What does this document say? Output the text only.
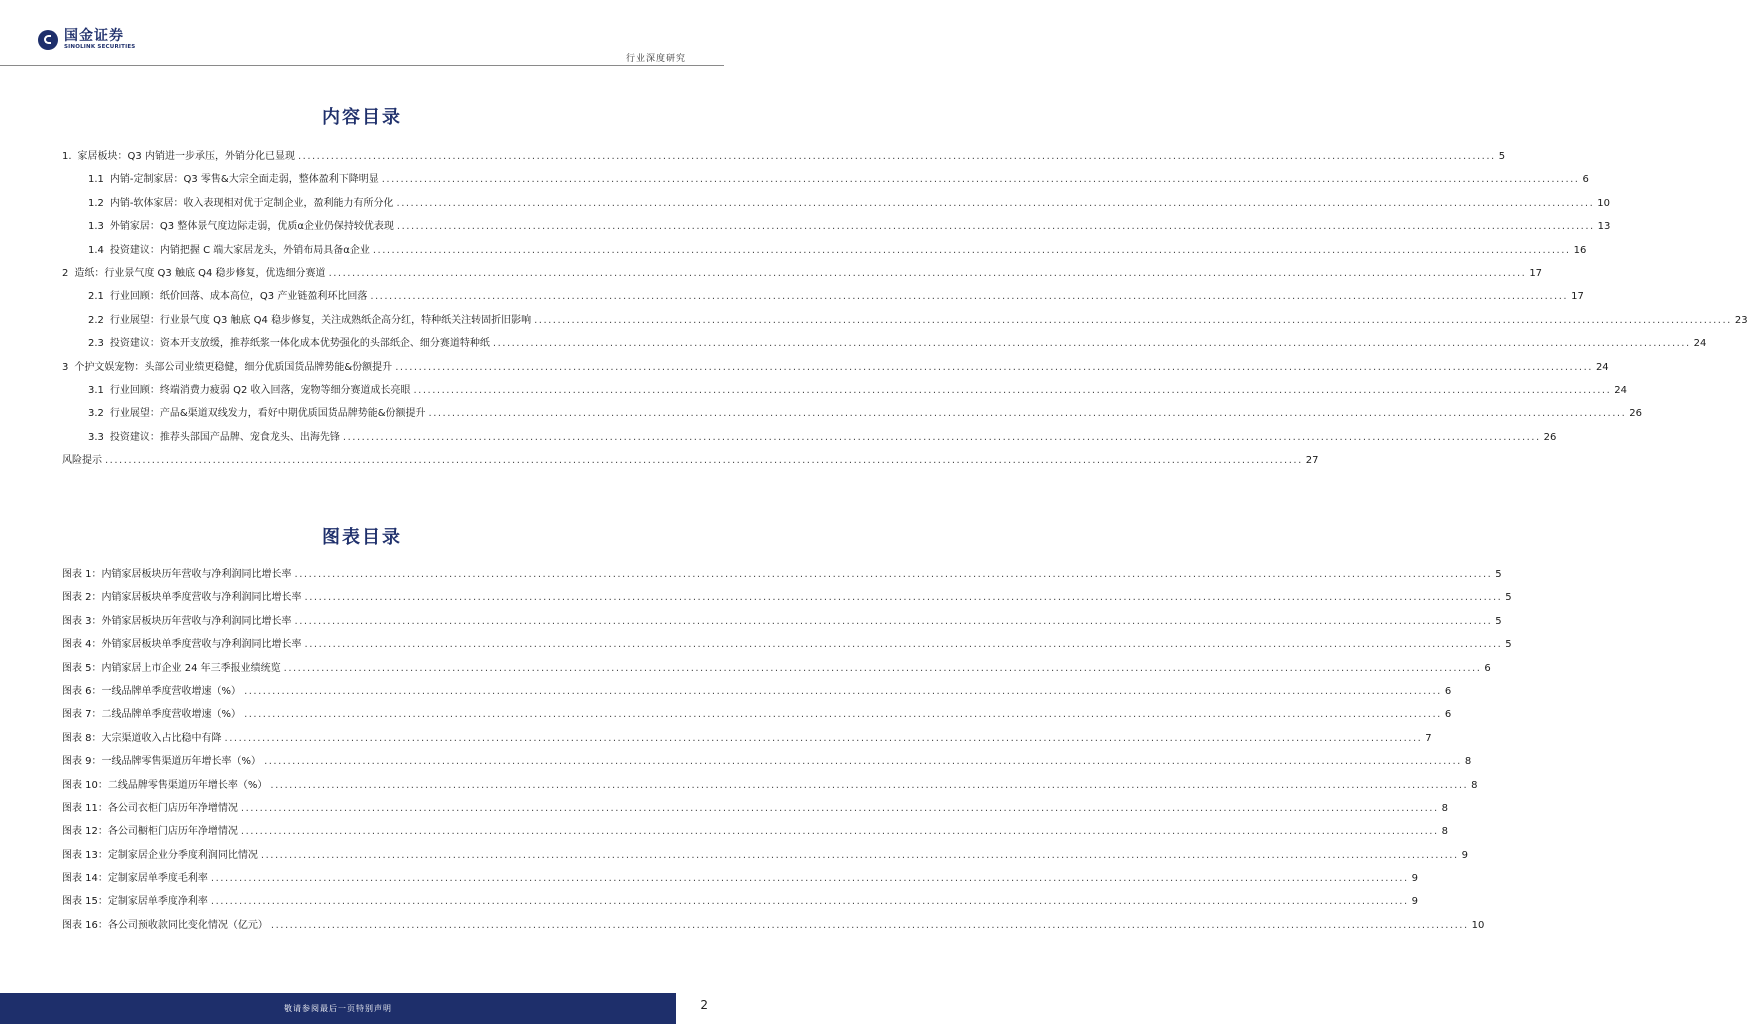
国金证券
SINOLINK SECURITIES
行业深度研究
内容目录
1. 家居板块：Q3 内销进一步承压，外销分化已显现 .....	5
1.1 内销-定制家居：Q3 零售&大宗全面走弱，整体盈利下降明显 .....	6
1.2 内销-软体家居：收入表现相对优于定制企业，盈利能力有所分化 .....	10
1.3 外销家居：Q3 整体景气度边际走弱，优质α企业仍保持较优表现 .....	13
1.4 投资建议：内销把握 C 端大家居龙头，外销布局具备α企业 .....	16
2 造纸：行业景气度 Q3 触底 Q4 稳步修复，优选细分赛道 .....	17
2.1 行业回顾：纸价回落、成本高位，Q3 产业链盈利环比回落 .....	17
2.2 行业展望：行业景气度 Q3 触底 Q4 稳步修复，关注成熟纸企高分红，特种纸关注转固折旧影响 .....	23
2.3 投资建议：资本开支放缓，推荐纸浆一体化成本优势强化的头部纸企、细分赛道特种纸 .....	24
3 个护文娱宠物：头部公司业绩更稳健，细分优质国货品牌势能&份额提升 .....	24
3.1 行业回顾：终端消费力疲弱 Q2 收入回落，宠物等细分赛道成长亮眼 .....	24
3.2 行业展望：产品&渠道双线发力，看好中期优质国货品牌势能&份额提升 .....	26
3.3 投资建议：推荐头部国产品牌、宠食龙头、出海先锋 .....	26
风险提示 .....	27
图表目录
图表 1： 内销家居板块历年营收与净利润同比增长率 .....	5
图表 2： 内销家居板块单季度营收与净利润同比增长率 .....	5
图表 3： 外销家居板块历年营收与净利润同比增长率 .....	5
图表 4： 外销家居板块单季度营收与净利润同比增长率 .....	5
图表 5： 内销家居上市企业 24 年三季报业绩统览 .....	6
图表 6： 一线品牌单季度营收增速（%） .....	6
图表 7： 二线品牌单季度营收增速（%） .....	6
图表 8： 大宗渠道收入占比稳中有降 .....	7
图表 9： 一线品牌零售渠道历年增长率（%） .....	8
图表 10： 二线品牌零售渠道历年增长率（%） .....	8
图表 11： 各公司衣柜门店历年净增情况 .....	8
图表 12： 各公司橱柜门店历年净增情况 .....	8
图表 13： 定制家居企业分季度利润同比情况 .....	9
图表 14： 定制家居单季度毛利率 .....	9
图表 15： 定制家居单季度净利率 .....	9
图表 16： 各公司预收款同比变化情况（亿元） .....	10
敬请参阅最后一页特别声明	2
